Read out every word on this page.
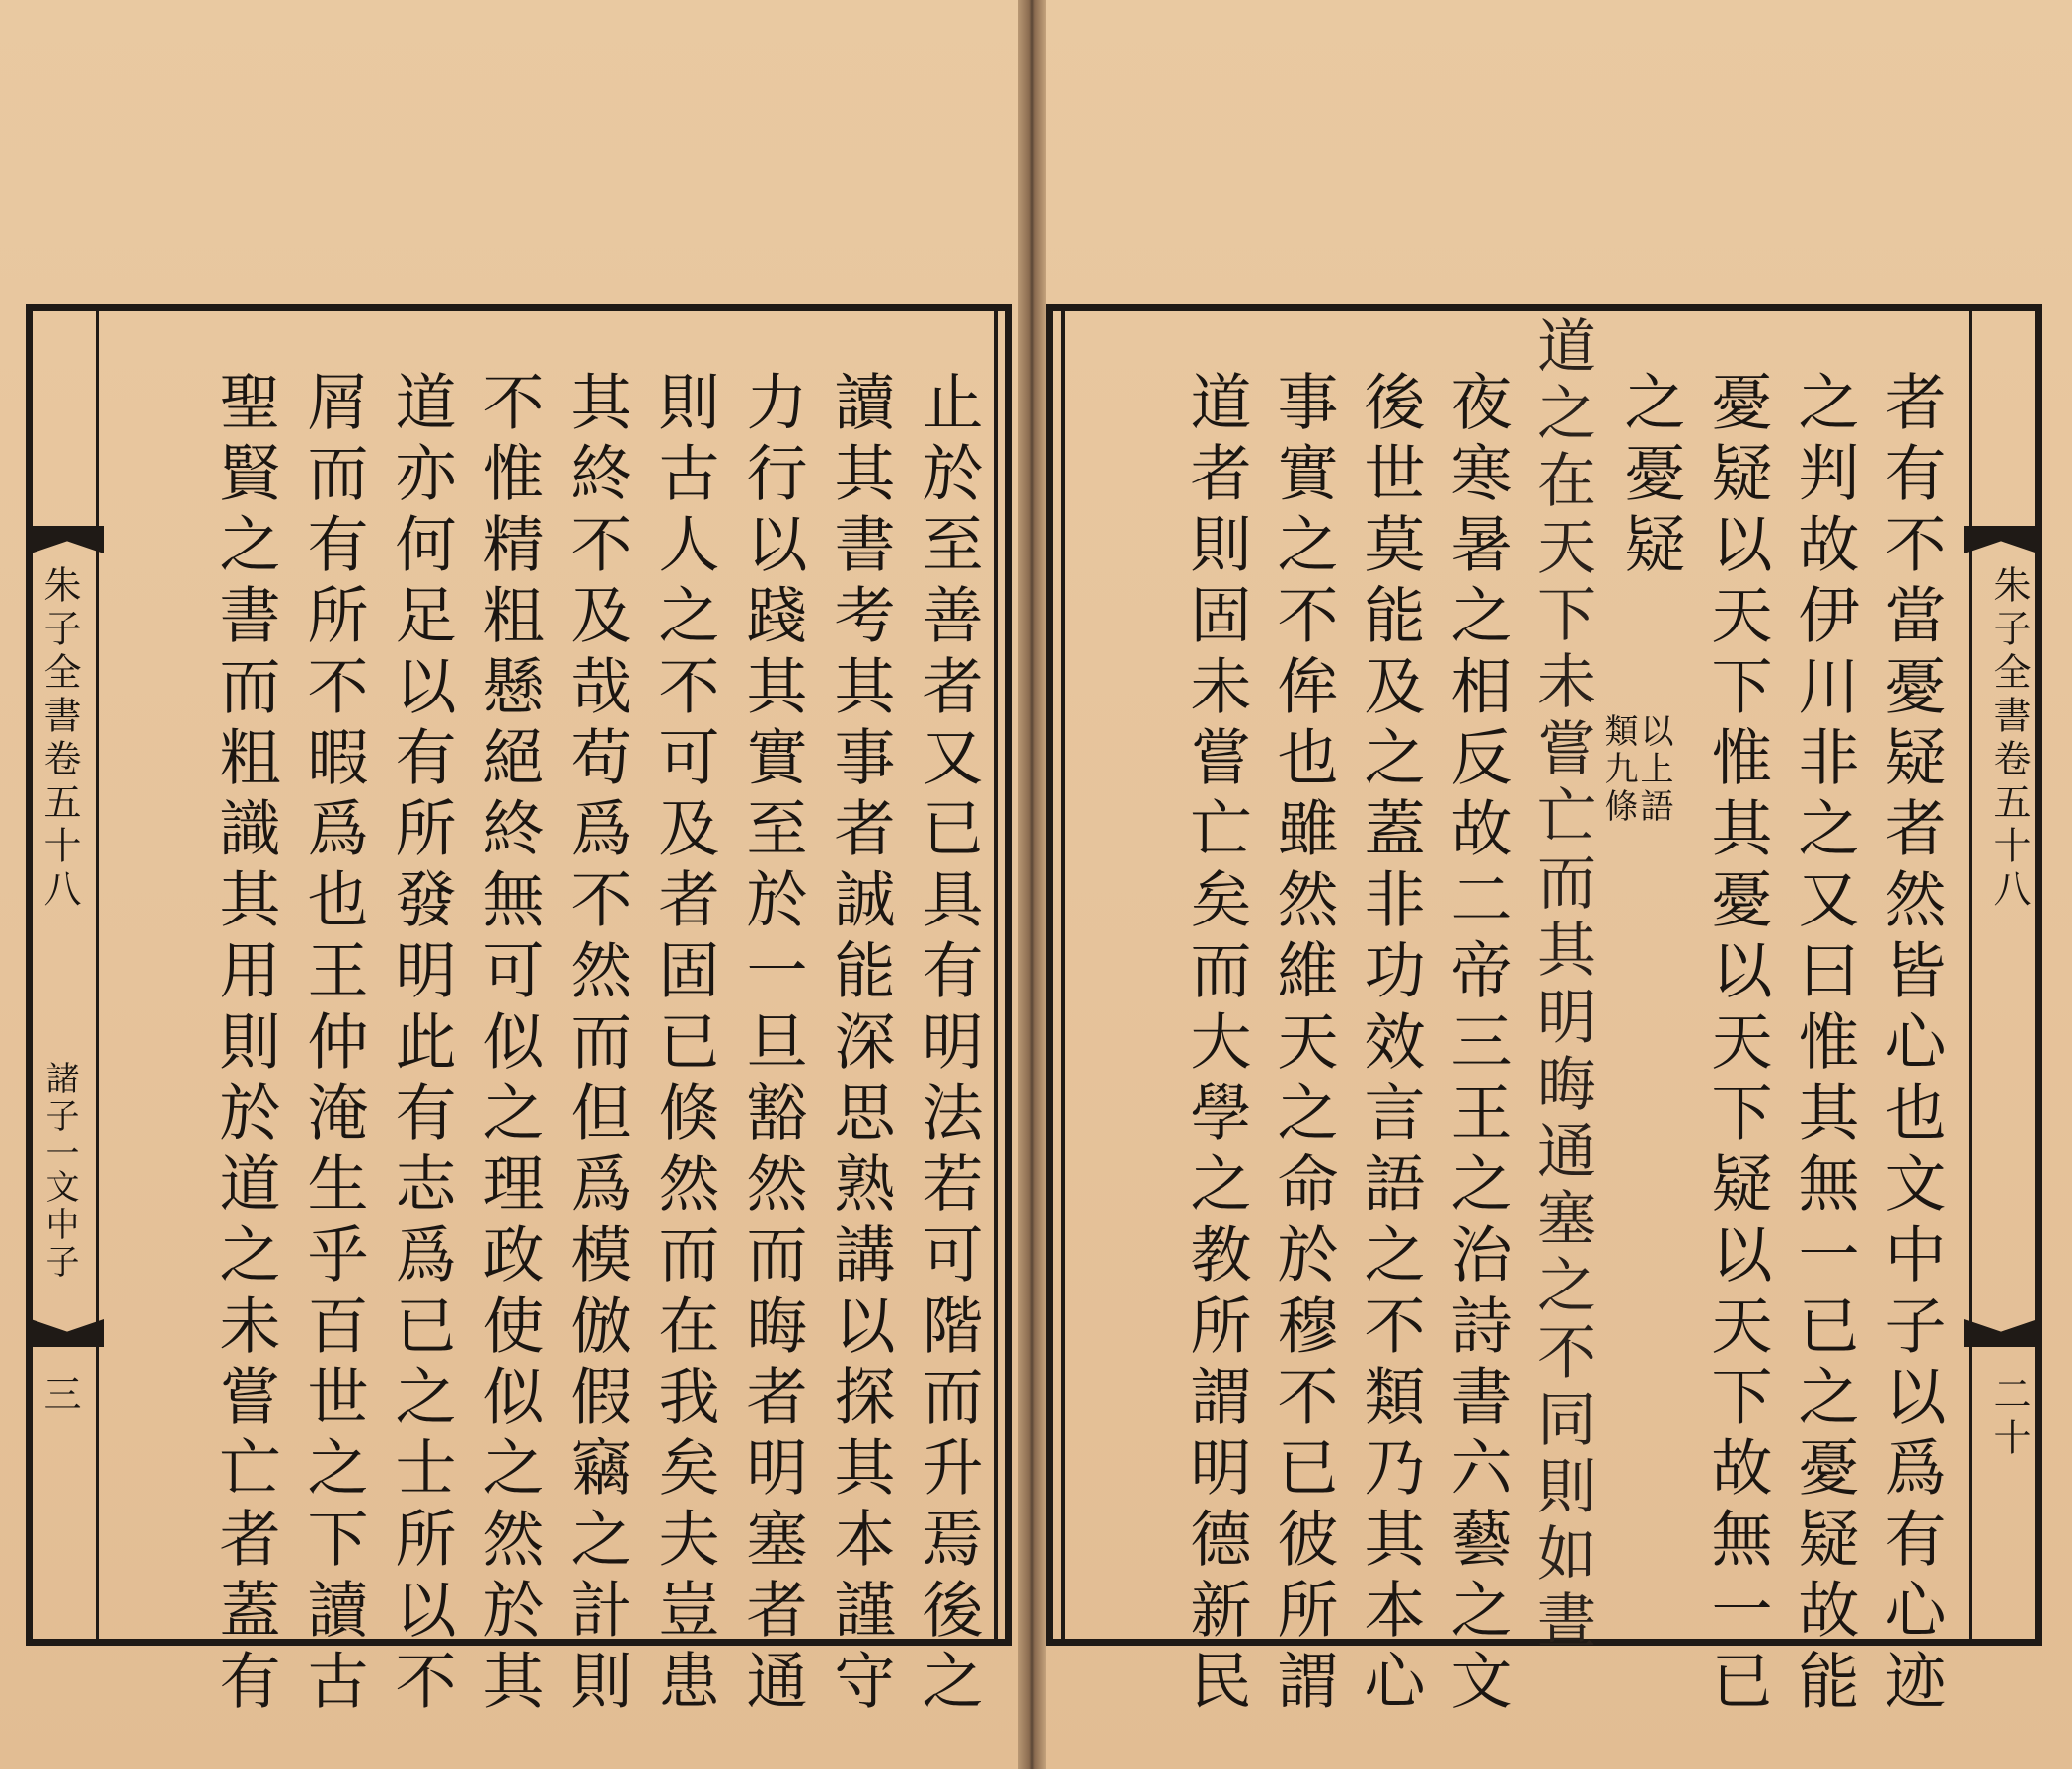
朱子全書卷五十八
諸子一
文中子
三	止於至善者又已具有明法若可階而升焉後之
讀其書考其事者誠能深思熟講以探其本謹守
力行以踐其實至於一旦豁然而晦者明塞者通
則古人之不可及者固已倏然而在我矣夫豈患
其終不及哉苟爲不然而但爲模倣假竊之計則
不惟精粗懸絕終無可似之理政使似之然於其
道亦何足以有所發明此有志爲已之士所以不
屑而有所不暇爲也王仲淹生乎百世之下讀古
聖賢之書而粗識其用則於道之未嘗亡者蓋有	朱子全書卷五十八
二十
者有不當憂疑者然皆心也文中子以爲有心迹
之判故伊川非之又曰惟其無一已之憂疑故能
憂疑以天下惟其憂以天下疑以天下故無一已
之憂疑
以上語
類九條
道之在天下未嘗亡而其明晦通塞之不同則如晝
夜寒暑之相反故二帝三王之治詩書六藝之文
後世莫能及之蓋非功效言語之不類乃其本心
事實之不侔也雖然維天之命於穆不已彼所謂
道者則固未嘗亡矣而大學之教所謂明德新民
